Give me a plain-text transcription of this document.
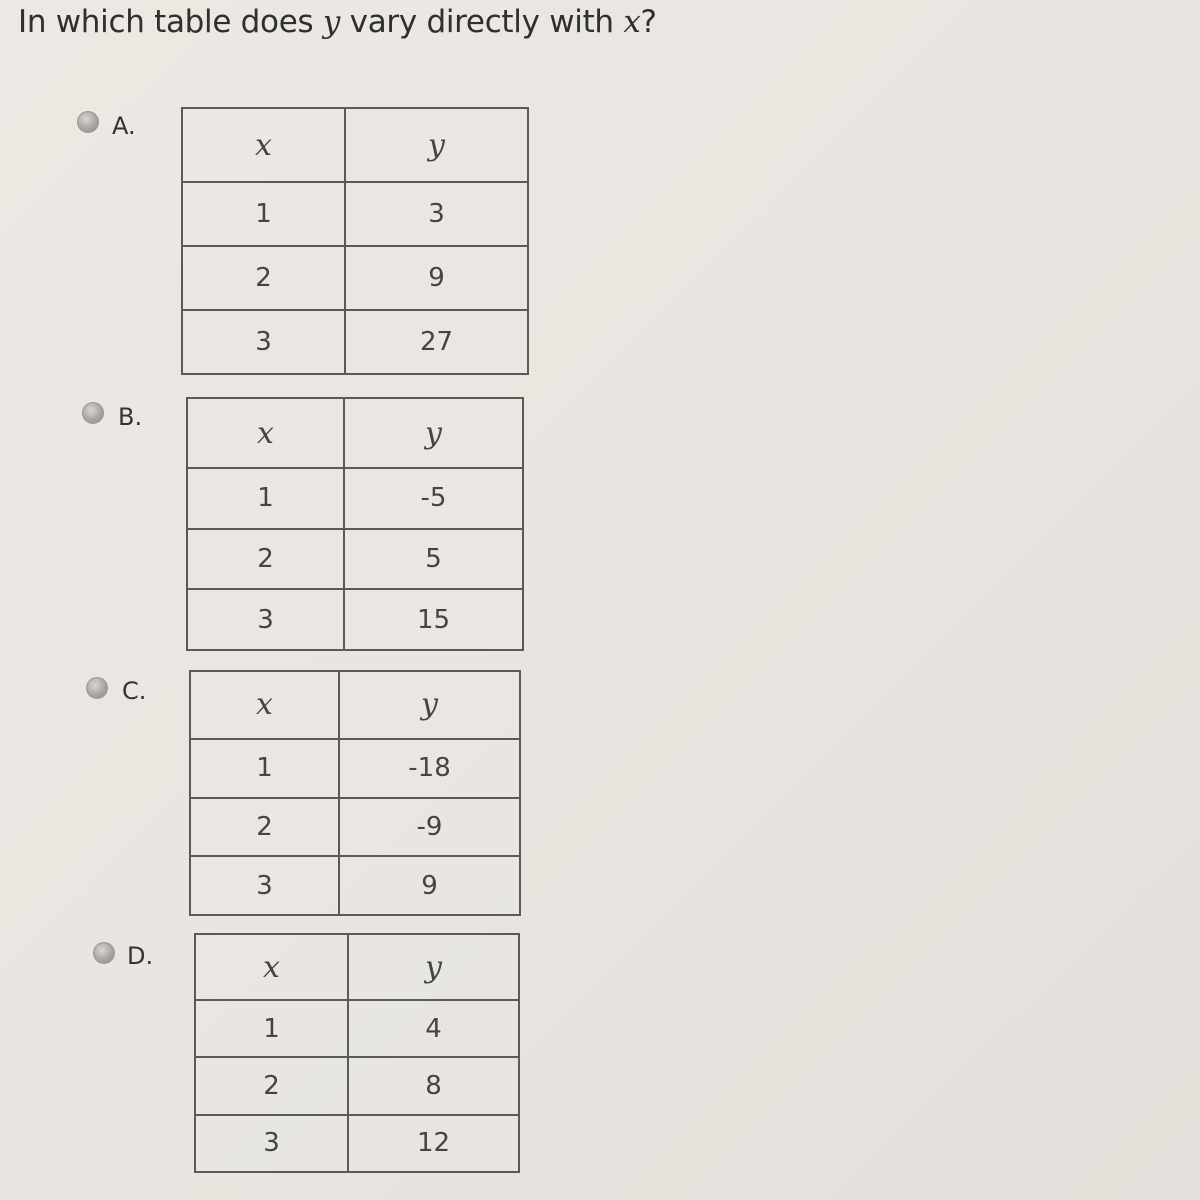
In which table does y vary directly with x?
A.
x	y
1	3
2	9
3	27
B.	x	y
1	-5
2	5
3	15
C.	x	y
1	-18
2	-9
3	9
D.	x	y
1	4
2	8
3	12
